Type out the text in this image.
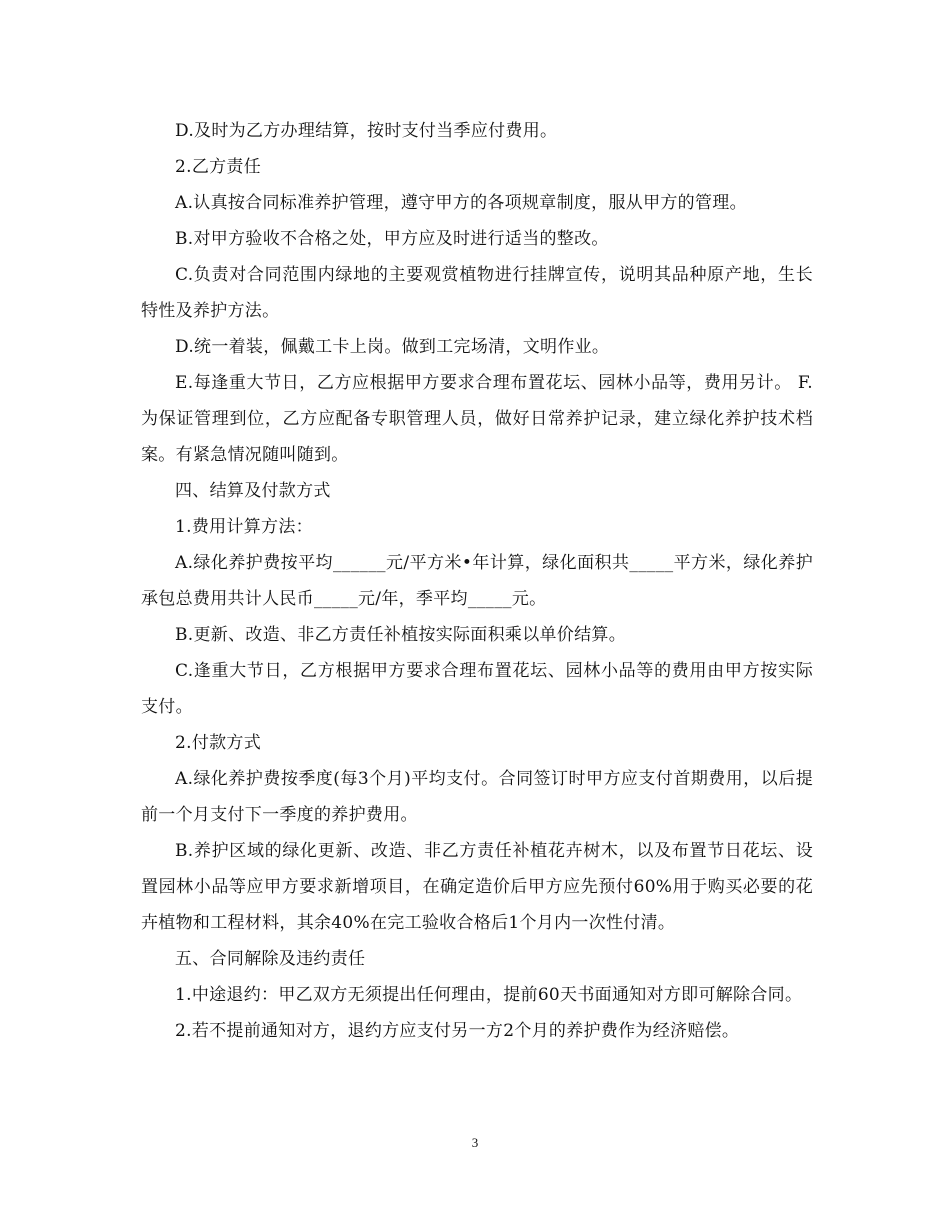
D.及时为乙方办理结算，按时支付当季应付费用。

2.乙方责任

A.认真按合同标准养护管理，遵守甲方的各项规章制度，服从甲方的管理。

B.对甲方验收不合格之处，甲方应及时进行适当的整改。

C.负责对合同范围内绿地的主要观赏植物进行挂牌宣传，说明其品种原产地，生长特性及养护方法。

D.统一着装，佩戴工卡上岗。做到工完场清，文明作业。

E.每逢重大节日，乙方应根据甲方要求合理布置花坛、园林小品等，费用另计。 F.为保证管理到位，乙方应配备专职管理人员，做好日常养护记录，建立绿化养护技术档案。有紧急情况随叫随到。

四、结算及付款方式

1.费用计算方法：

A.绿化养护费按平均______元/平方米•年计算，绿化面积共_____平方米，绿化养护承包总费用共计人民币_____元/年，季平均_____元。

B.更新、改造、非乙方责任补植按实际面积乘以单价结算。

C.逢重大节日，乙方根据甲方要求合理布置花坛、园林小品等的费用由甲方按实际支付。

2.付款方式

A.绿化养护费按季度(每3个月)平均支付。合同签订时甲方应支付首期费用，以后提前一个月支付下一季度的养护费用。

B.养护区域的绿化更新、改造、非乙方责任补植花卉树木，以及布置节日花坛、设置园林小品等应甲方要求新增项目，在确定造价后甲方应先预付60%用于购买必要的花卉植物和工程材料，其余40%在完工验收合格后1个月内一次性付清。

五、合同解除及违约责任

1.中途退约：甲乙双方无须提出任何理由，提前60天书面通知对方即可解除合同。

2.若不提前通知对方，退约方应支付另一方2个月的养护费作为经济赔偿。

3
